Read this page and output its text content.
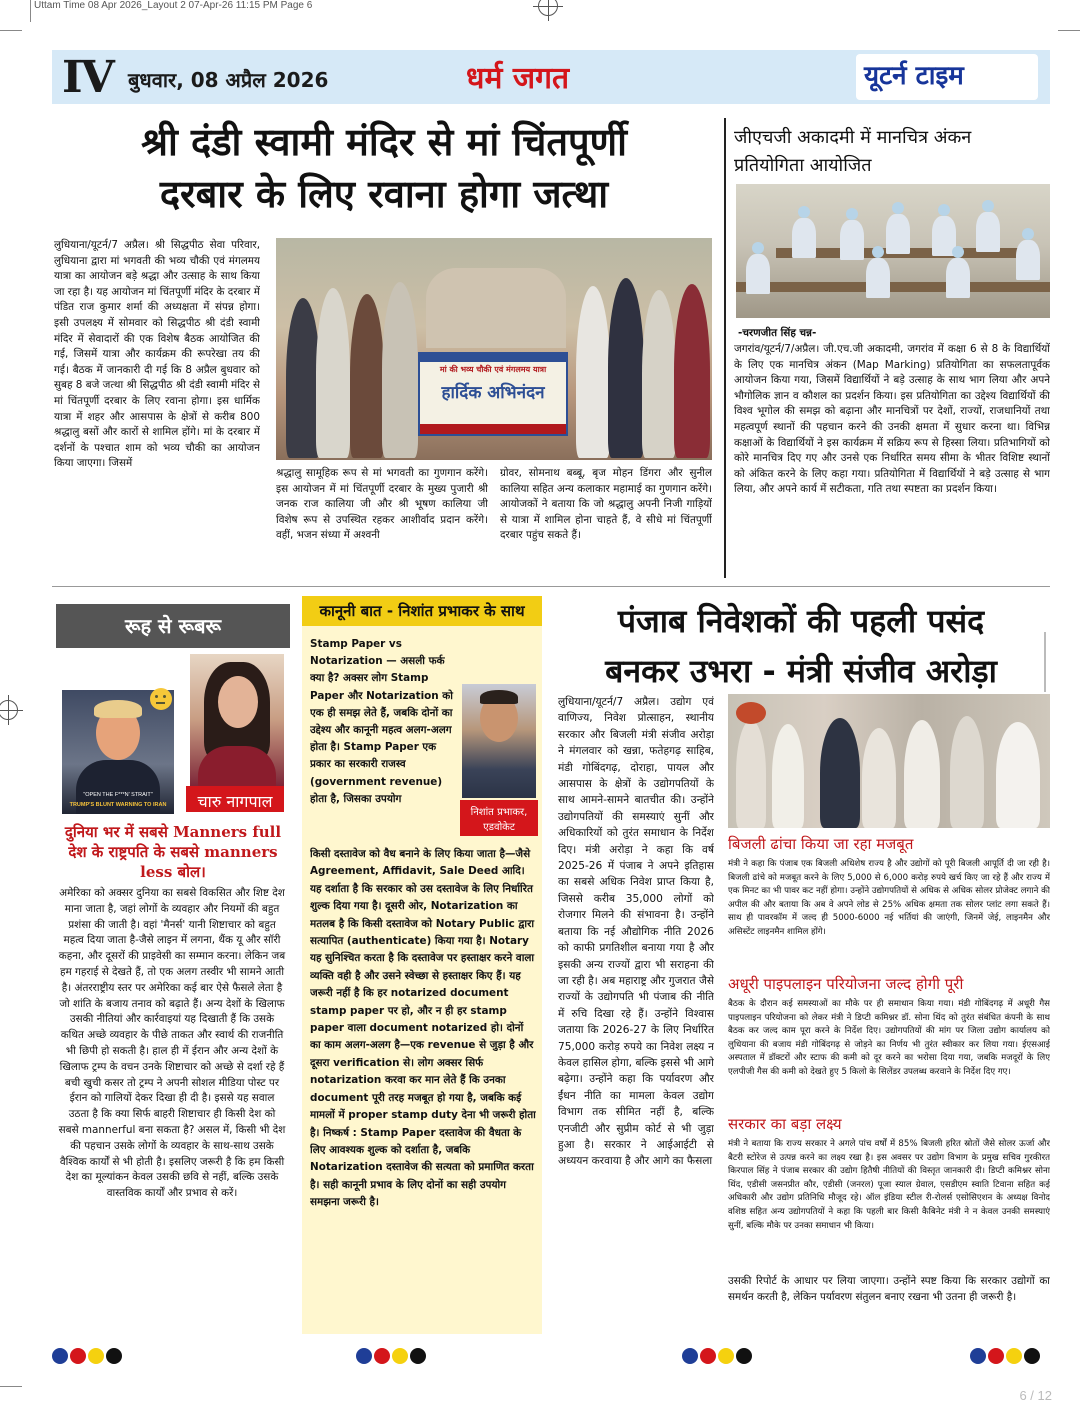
Uttam Time 08 Apr 2026_Layout 2 07-Apr-26 11:15 PM Page 6
IV बुधवार, 08 अप्रैल 2026	धर्म जगत	यूटर्न टाइम
श्री दंडी स्वामी मंदिर से मां चिंतपूर्णी
दरबार के लिए रवाना होगा जत्था
लुधियाना/यूटर्न/7 अप्रैल। श्री सिद्धपीठ सेवा परिवार, लुधियाना द्वारा मां भगवती की भव्य चौकी एवं मंगलमय यात्रा का आयोजन बड़े श्रद्धा और उत्साह के साथ किया जा रहा है। यह आयोजन मां चिंतपूर्णी मंदिर के दरबार में पंडित राज कुमार शर्मा की अध्यक्षता में संपन्न होगा। इसी उपलक्ष्य में सोमवार को सिद्धपीठ श्री दंडी स्वामी मंदिर में सेवादारों की एक विशेष बैठक आयोजित की गई, जिसमें यात्रा और कार्यक्रम की रूपरेखा तय की गई। बैठक में जानकारी दी गई कि 8 अप्रैल बुधवार को सुबह 8 बजे जत्था श्री सिद्धपीठ श्री दंडी स्वामी मंदिर से मां चिंतपूर्णी दरबार के लिए रवाना होगा। इस धार्मिक यात्रा में शहर और आसपास के क्षेत्रों से करीब 800 श्रद्धालु बसों और कारों से शामिल होंगे। मां के दरबार में दर्शनों के पश्चात शाम को भव्य चौकी का आयोजन किया जाएगा। जिसमें
मां की भव्य चौकी एवं मंगलमय यात्रा
हार्दिक अभिनंदन
श्रद्धालु सामूहिक रूप से मां भगवती का गुणगान करेंगे। इस आयोजन में मां चिंतपूर्णी दरबार के मुख्य पुजारी श्री जनक राज कालिया जी और श्री भूषण कालिया जी विशेष रूप से उपस्थित रहकर आशीर्वाद प्रदान करेंगे। वहीं, भजन संध्या में अश्वनी
ग्रोवर, सोमनाथ बब्बू, बृज मोहन डिंगरा और सुनील कालिया सहित अन्य कलाकार महामाई का गुणगान करेंगे। आयोजकों ने बताया कि जो श्रद्धालु अपनी निजी गाड़ियों से यात्रा में शामिल होना चाहते हैं, वे सीधे मां चिंतपूर्णी दरबार पहुंच सकते हैं।
जीएचजी अकादमी में मानचित्र अंकन प्रतियोगिता आयोजित
-चरणजीत सिंह चन्न-
जगरांव/यूटर्न/7/अप्रैल। जी.एच.जी अकादमी, जगरांव में कक्षा 6 से 8 के विद्यार्थियों के लिए एक मानचित्र अंकन (Map Marking) प्रतियोगिता का सफलतापूर्वक आयोजन किया गया, जिसमें विद्यार्थियों ने बड़े उत्साह के साथ भाग लिया और अपने भौगोलिक ज्ञान व कौशल का प्रदर्शन किया। इस प्रतियोगिता का उद्देश्य विद्यार्थियों की विश्व भूगोल की समझ को बढ़ाना और मानचित्रों पर देशों, राज्यों, राजधानियों तथा महत्वपूर्ण स्थानों की पहचान करने की उनकी क्षमता में सुधार करना था। विभिन्न कक्षाओं के विद्यार्थियों ने इस कार्यक्रम में सक्रिय रूप से हिस्सा लिया। प्रतिभागियों को कोरे मानचित्र दिए गए और उनसे एक निर्धारित समय सीमा के भीतर विशिष्ट स्थानों को अंकित करने के लिए कहा गया। प्रतियोगिता में विद्यार्थियों ने बड़े उत्साह से भाग लिया, और अपने कार्य में सटीकता, गति तथा स्पष्टता का प्रदर्शन किया।
रूह से रूबरू
"OPEN THE F***N' STRAIT"
TRUMP'S BLUNT WARNING TO IRAN	चारु नागपाल
दुनिया भर में सबसे Manners full देश के राष्ट्रपति के सबसे manners less बोल।
अमेरिका को अक्सर दुनिया का सबसे विकसित और शिष्ट देश माना जाता है, जहां लोगों के व्यवहार और नियमों की बहुत प्रशंसा की जाती है। वहां 'मैनर्स' यानी शिष्टाचार को बहुत महत्व दिया जाता है-जैसे लाइन में लगना, थैंक यू और सॉरी कहना, और दूसरों की प्राइवेसी का सम्मान करना। लेकिन जब हम गहराई से देखते हैं, तो एक अलग तस्वीर भी सामने आती है। अंतरराष्ट्रीय स्तर पर अमेरिका कई बार ऐसे फैसले लेता है जो शांति के बजाय तनाव को बढ़ाते हैं। अन्य देशों के खिलाफ उसकी नीतियां और कार्रवाइयां यह दिखाती हैं कि उसके कथित अच्छे व्यवहार के पीछे ताकत और स्वार्थ की राजनीति भी छिपी हो सकती है। हाल ही में ईरान और अन्य देशों के खिलाफ ट्रम्प के वचन उनके शिष्टाचार को अच्छे से दर्शा रहे हैं बची खुची कसर तो ट्रम्प ने अपनी सोशल मीडिया पोस्ट पर ईरान को गालियों देकर दिखा ही दी है। इससे यह सवाल उठता है कि क्या सिर्फ बाहरी शिष्टाचार ही किसी देश को सबसे mannerful बना सकता है? असल में, किसी भी देश की पहचान उसके लोगों के व्यवहार के साथ-साथ उसके वैश्विक कार्यों से भी होती है। इसलिए जरूरी है कि हम किसी देश का मूल्यांकन केवल उसकी छवि से नहीं, बल्कि उसके वास्तविक कार्यों और प्रभाव से करें।
कानूनी बात - निशांत प्रभाकर के साथ
Stamp Paper vs Notarization — असली फर्क क्या है? अक्सर लोग Stamp Paper और Notarization को एक ही समझ लेते हैं, जबकि दोनों का उद्देश्य और कानूनी महत्व अलग-अलग होता है। Stamp Paper एक प्रकार का सरकारी राजस्व (government revenue) होता है, जिसका उपयोग
निशांत प्रभाकर,
एडवोकेट
किसी दस्तावेज को वैध बनाने के लिए किया जाता है—जैसे Agreement, Affidavit, Sale Deed आदि। यह दर्शाता है कि सरकार को उस दस्तावेज के लिए निर्धारित शुल्क दिया गया है। दूसरी ओर, Notarization का मतलब है कि किसी दस्तावेज को Notary Public द्वारा सत्यापित (authenticate) किया गया है। Notary यह सुनिश्चित करता है कि दस्तावेज पर हस्ताक्षर करने वाला व्यक्ति वही है और उसने स्वेच्छा से हस्ताक्षर किए हैं। यह जरूरी नहीं है कि हर notarized document stamp paper पर हो, और न ही हर stamp paper वाला document notarized हो। दोनों का काम अलग-अलग है—एक revenue से जुड़ा है और दूसरा verification से। लोग अक्सर सिर्फ notarization करवा कर मान लेते हैं कि उनका document पूरी तरह मजबूत हो गया है, जबकि कई मामलों में proper stamp duty देना भी जरूरी होता है। निष्कर्ष : Stamp Paper दस्तावेज की वैधता के लिए आवश्यक शुल्क को दर्शाता है, जबकि Notarization दस्तावेज की सत्यता को प्रमाणित करता है। सही कानूनी प्रभाव के लिए दोनों का सही उपयोग समझना जरूरी है।
पंजाब निवेशकों की पहली पसंद
बनकर उभरा - मंत्री संजीव अरोड़ा
लुधियाना/यूटर्न/7 अप्रैल। उद्योग एवं वाणिज्य, निवेश प्रोत्साहन, स्थानीय सरकार और बिजली मंत्री संजीव अरोड़ा ने मंगलवार को खन्ना, फतेहगढ़ साहिब, मंडी गोबिंदगढ़, दोराहा, पायल और आसपास के क्षेत्रों के उद्योगपतियों के साथ आमने-सामने बातचीत की। उन्होंने उद्योगपतियों की समस्याएं सुनीं और अधिकारियों को तुरंत समाधान के निर्देश दिए। मंत्री अरोड़ा ने कहा कि वर्ष 2025-26 में पंजाब ने अपने इतिहास का सबसे अधिक निवेश प्राप्त किया है, जिससे करीब 35,000 लोगों को रोजगार मिलने की संभावना है। उन्होंने बताया कि नई औद्योगिक नीति 2026 को काफी प्रगतिशील बनाया गया है और इसकी अन्य राज्यों द्वारा भी सराहना की जा रही है। अब महाराष्ट्र और गुजरात जैसे राज्यों के उद्योगपति भी पंजाब की नीति में रुचि दिखा रहे हैं। उन्होंने विश्वास जताया कि 2026-27 के लिए निर्धारित 75,000 करोड़ रुपये का निवेश लक्ष्य न केवल हासिल होगा, बल्कि इससे भी आगे बढ़ेगा। उन्होंने कहा कि पर्यावरण और ईंधन नीति का मामला केवल उद्योग विभाग तक सीमित नहीं है, बल्कि एनजीटी और सुप्रीम कोर्ट से भी जुड़ा हुआ है। सरकार ने आईआईटी से अध्ययन करवाया है और आगे का फैसला
बिजली ढांचा किया जा रहा मजबूत
मंत्री ने कहा कि पंजाब एक बिजली अधिशेष राज्य है और उद्योगों को पूरी बिजली आपूर्ति दी जा रही है। बिजली ढांचे को मजबूत करने के लिए 5,000 से 6,000 करोड़ रुपये खर्च किए जा रहे हैं और राज्य में एक मिनट का भी पावर कट नहीं होगा। उन्होंने उद्योगपतियों से अधिक से अधिक सोलर प्रोजेक्ट लगाने की अपील की और बताया कि अब वे अपने लोड से 25% अधिक क्षमता तक सोलर प्लांट लगा सकते हैं। साथ ही पावरकॉम में जल्द ही 5000-6000 नई भर्तियां की जाएंगी, जिनमें जेई, लाइनमैन और असिस्टेंट लाइनमैन शामिल होंगे।
अधूरी पाइपलाइन परियोजना जल्द होगी पूरी
बैठक के दौरान कई समस्याओं का मौके पर ही समाधान किया गया। मंडी गोबिंदगढ़ में अधूरी गैस पाइपलाइन परियोजना को लेकर मंत्री ने डिप्टी कमिश्नर डॉ. सोना थिंद को तुरंत संबंधित कंपनी के साथ बैठक कर जल्द काम पूरा करने के निर्देश दिए। उद्योगपतियों की मांग पर जिला उद्योग कार्यालय को लुधियाना की बजाय मंडी गोबिंदगढ़ से जोड़ने का निर्णय भी तुरंत स्वीकार कर लिया गया। ईएसआई अस्पताल में डॉक्टरों और स्टाफ की कमी को दूर करने का भरोसा दिया गया, जबकि मजदूरों के लिए एलपीजी गैस की कमी को देखते हुए 5 किलो के सिलेंडर उपलब्ध करवाने के निर्देश दिए गए।
सरकार का बड़ा लक्ष्य
मंत्री ने बताया कि राज्य सरकार ने अगले पांच वर्षों में 85% बिजली हरित स्रोतों जैसे सोलर ऊर्जा और बैटरी स्टोरेज से उत्पन्न करने का लक्ष्य रखा है। इस अवसर पर उद्योग विभाग के प्रमुख सचिव गुरकीरत किरपाल सिंह ने पंजाब सरकार की उद्योग हितैषी नीतियों की विस्तृत जानकारी दी। डिप्टी कमिश्नर सोना थिंद, एडीसी जसनप्रीत कौर, एडीसी (जनरल) पूजा स्याल ग्रेवाल, एसडीएम स्वाति टिवाना सहित कई अधिकारी और उद्योग प्रतिनिधि मौजूद रहे। ऑल इंडिया स्टील री-रोलर्स एसोसिएशन के अध्यक्ष विनोद वशिष्ठ सहित अन्य उद्योगपतियों ने कहा कि पहली बार किसी कैबिनेट मंत्री ने न केवल उनकी समस्याएं सुनीं, बल्कि मौके पर उनका समाधान भी किया।
उसकी रिपोर्ट के आधार पर लिया जाएगा। उन्होंने स्पष्ट किया कि सरकार उद्योगों का समर्थन करती है, लेकिन पर्यावरण संतुलन बनाए रखना भी उतना ही जरूरी है।
6 / 12
